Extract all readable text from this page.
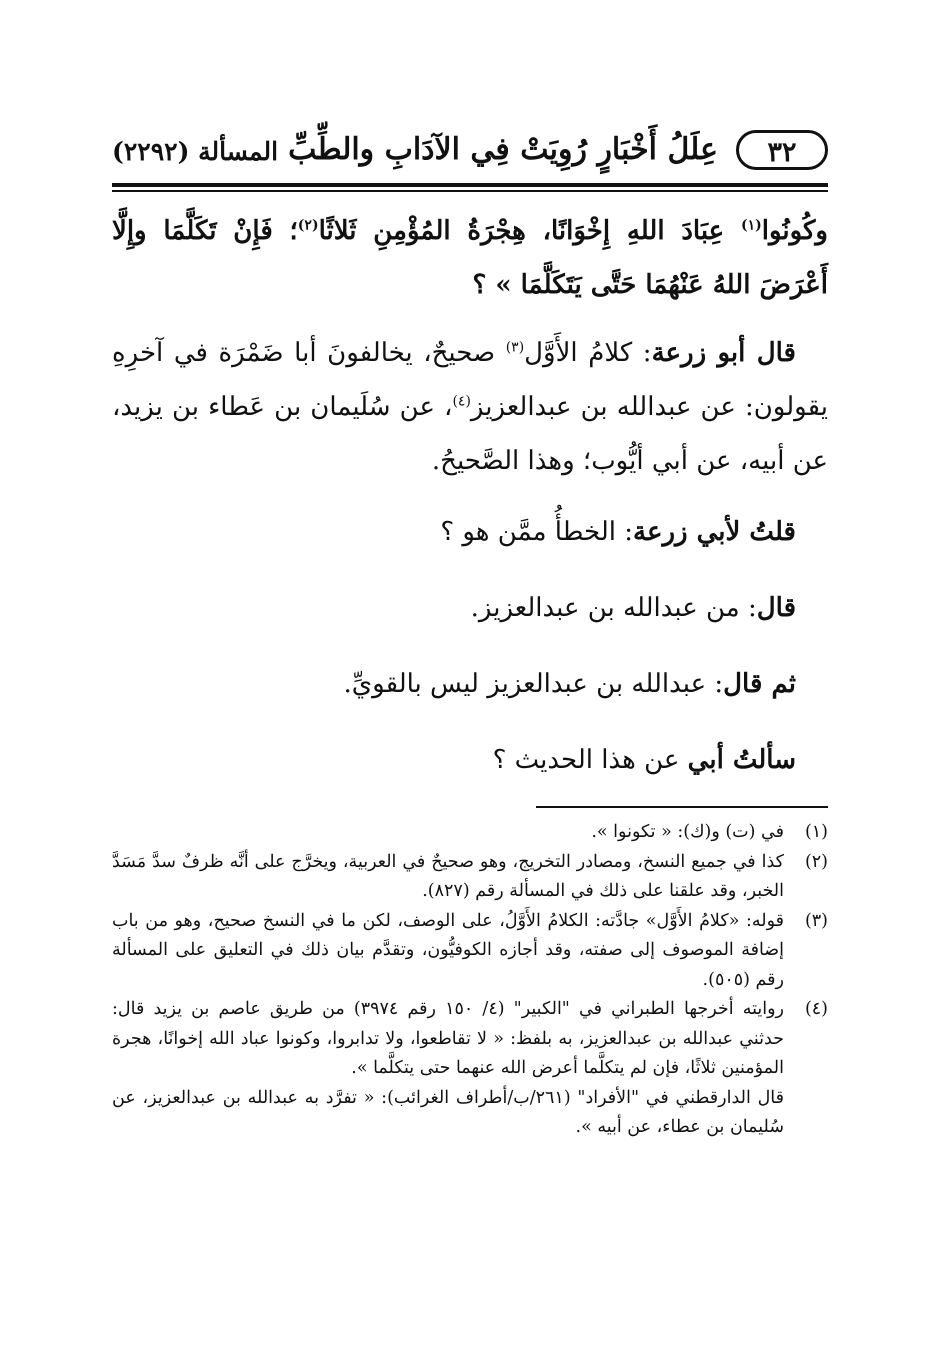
٣٢
عِلَلُ أَخْبَارٍ رُوِيَتْ فِي الآدَابِ والطِّبِّ
المسألة (٢٢٩٢)

وكُونُوا$^{(١)}$ عِبَادَ اللهِ إِخْوَانًا، هِجْرَةُ المُؤْمِنِ ثَلاثًا$^{(٢)}$؛ فَإِنْ تَكَلَّمَا وإِلَّا أَعْرَضَ اللهُ عَنْهُمَا حَتَّى يَتَكَلَّمَا » ؟

قال أبو زرعة: كلامُ الأَوَّل$^{(٣)}$ صحيحٌ، يخالفونَ أبا ضَمْرَة في آخرِهِ يقولون: عن عبدالله بن عبدالعزيز$^{(٤)}$، عن سُلَيمان بن عَطاء بن يزيد، عن أبيه، عن أبي أيُّوب؛ وهذا الصَّحيحُ.

قلتُ لأبي زرعة: الخطأُ ممَّن هو ؟

قال: من عبدالله بن عبدالعزيز.

ثم قال: عبدالله بن عبدالعزيز ليس بالقويِّ.

سألتُ أبي عن هذا الحديث ؟

(١)
في (ت) و(ك): « تكونوا ».

(٢)
كذا في جميع النسخ، ومصادر التخريج، وهو صحيحٌ في العربية، ويخرَّج على أنَّه ظرفٌ سدَّ مَسَدَّ الخبر، وقد علقنا على ذلك في المسألة رقم (٨٢٧).

(٣)
قوله: «كلامُ الأَوَّل» جادَّته: الكلامُ الأَوَّلُ، على الوصف، لكن ما في النسخ صحيح، وهو من باب إضافة الموصوف إلى صفته، وقد أجازه الكوفيُّون، وتقدَّم بيان ذلك في التعليق على المسألة رقم (٥٠٥).

(٤)
روايته أخرجها الطبراني في "الكبير" (٤/ ١٥٠ رقم ٣٩٧٤) من طريق عاصم بن يزيد قال: حدثني عبدالله بن عبدالعزيز، به بلفظ: « لا تقاطعوا، ولا تدابروا، وكونوا عباد الله إخوانًا، هجرة المؤمنين ثلاثًا، فإن لم يتكلَّما أعرض الله عنهما حتى يتكلَّما ».

قال الدارقطني في "الأفراد" (٢٦١/ب/أطراف الغرائب): « تفرَّد به عبدالله بن عبدالعزيز، عن سُليمان بن عطاء، عن أبيه ».
